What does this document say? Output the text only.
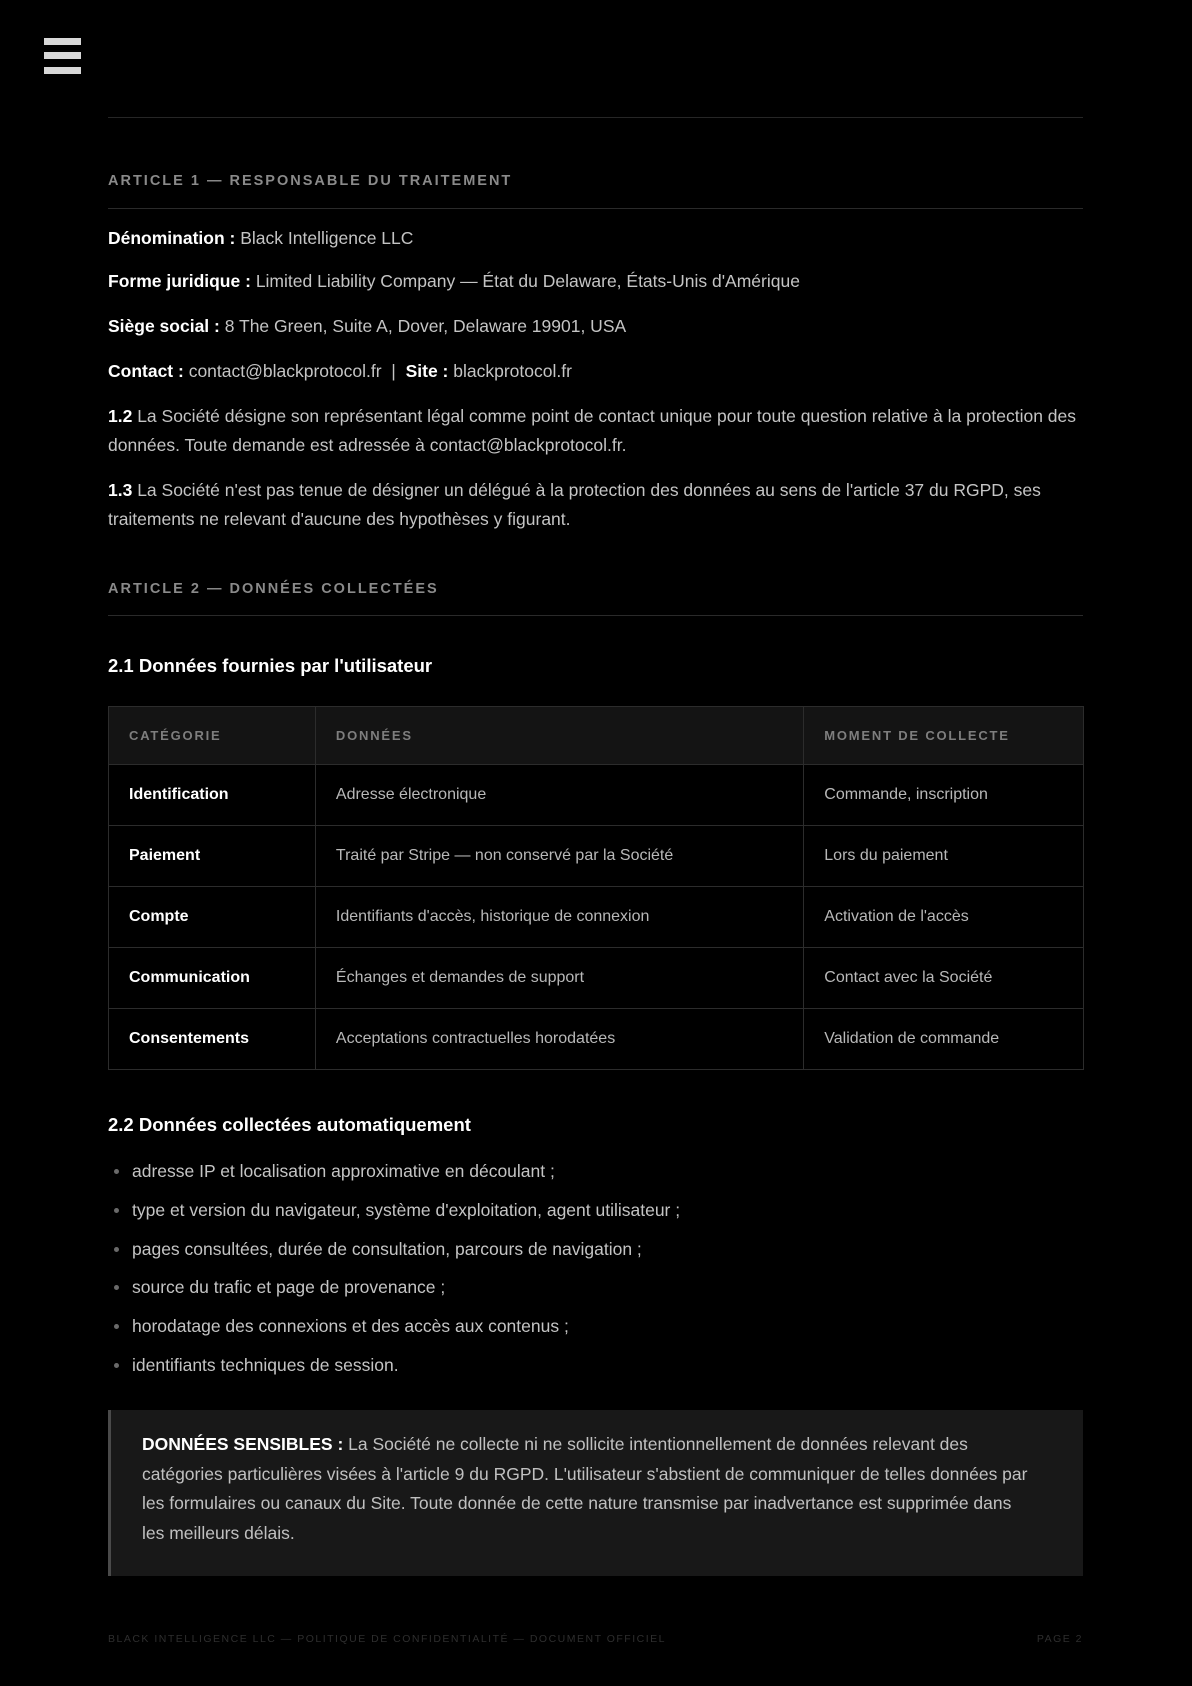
ARTICLE 1 — RESPONSABLE DU TRAITEMENT
Dénomination : Black Intelligence LLC
Forme juridique : Limited Liability Company — État du Delaware, États-Unis d'Amérique
Siège social : 8 The Green, Suite A, Dover, Delaware 19901, USA
Contact : contact@blackprotocol.fr | Site : blackprotocol.fr
1.2 La Société désigne son représentant légal comme point de contact unique pour toute question relative à la protection des données. Toute demande est adressée à contact@blackprotocol.fr.
1.3 La Société n'est pas tenue de désigner un délégué à la protection des données au sens de l'article 37 du RGPD, ses traitements ne relevant d'aucune des hypothèses y figurant.
ARTICLE 2 — DONNÉES COLLECTÉES
2.1 Données fournies par l'utilisateur
CATÉGORIE	DONNÉES	MOMENT DE COLLECTE
Identification	Adresse électronique	Commande, inscription
Paiement	Traité par Stripe — non conservé par la Société	Lors du paiement
Compte	Identifiants d'accès, historique de connexion	Activation de l'accès
Communication	Échanges et demandes de support	Contact avec la Société
Consentements	Acceptations contractuelles horodatées	Validation de commande
2.2 Données collectées automatiquement
adresse IP et localisation approximative en découlant ;
type et version du navigateur, système d'exploitation, agent utilisateur ;
pages consultées, durée de consultation, parcours de navigation ;
source du trafic et page de provenance ;
horodatage des connexions et des accès aux contenus ;
identifiants techniques de session.
DONNÉES SENSIBLES : La Société ne collecte ni ne sollicite intentionnellement de données relevant des catégories particulières visées à l'article 9 du RGPD. L'utilisateur s'abstient de communiquer de telles données par les formulaires ou canaux du Site. Toute donnée de cette nature transmise par inadvertance est supprimée dans les meilleurs délais.
BLACK INTELLIGENCE LLC — POLITIQUE DE CONFIDENTIALITÉ — DOCUMENT OFFICIEL	PAGE 2
